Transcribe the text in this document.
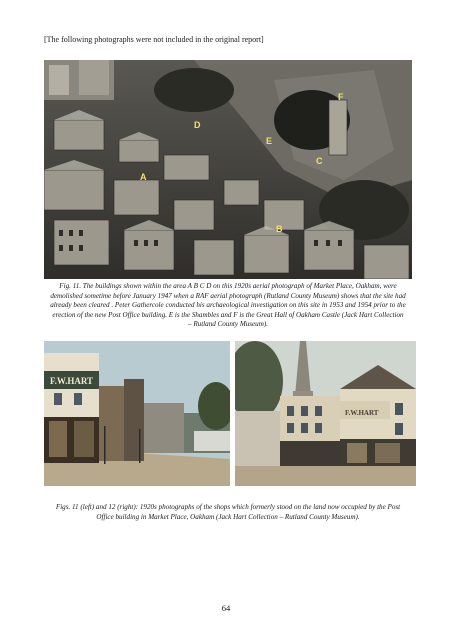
[The following photographs were not included in the original report]
A
B
C
D
E
F
Fig. 11. The buildings shown within the area A B C D on this 1920s aerial photograph of Market Place, Oakham, were demolished sometime before January 1947 when a RAF aerial photograph (Rutland County Museum) shows that the site had already been cleared . Peter Gathercole conducted his archaeological investigation on this site in 1953 and 1954 prior to the erection of the new Post Office building. E is the Shambles and F is the Great Hall of Oakham Castle (Jack Hart Collection – Rutland County Museum).
F.W.HART
F.W.HART
Figs. 11 (left) and 12 (right): 1920s photographs of the shops which formerly stood on the land now occupied by the Post Office building in Market Place, Oakham (Jack Hart Collection – Rutland County Museum).
64
